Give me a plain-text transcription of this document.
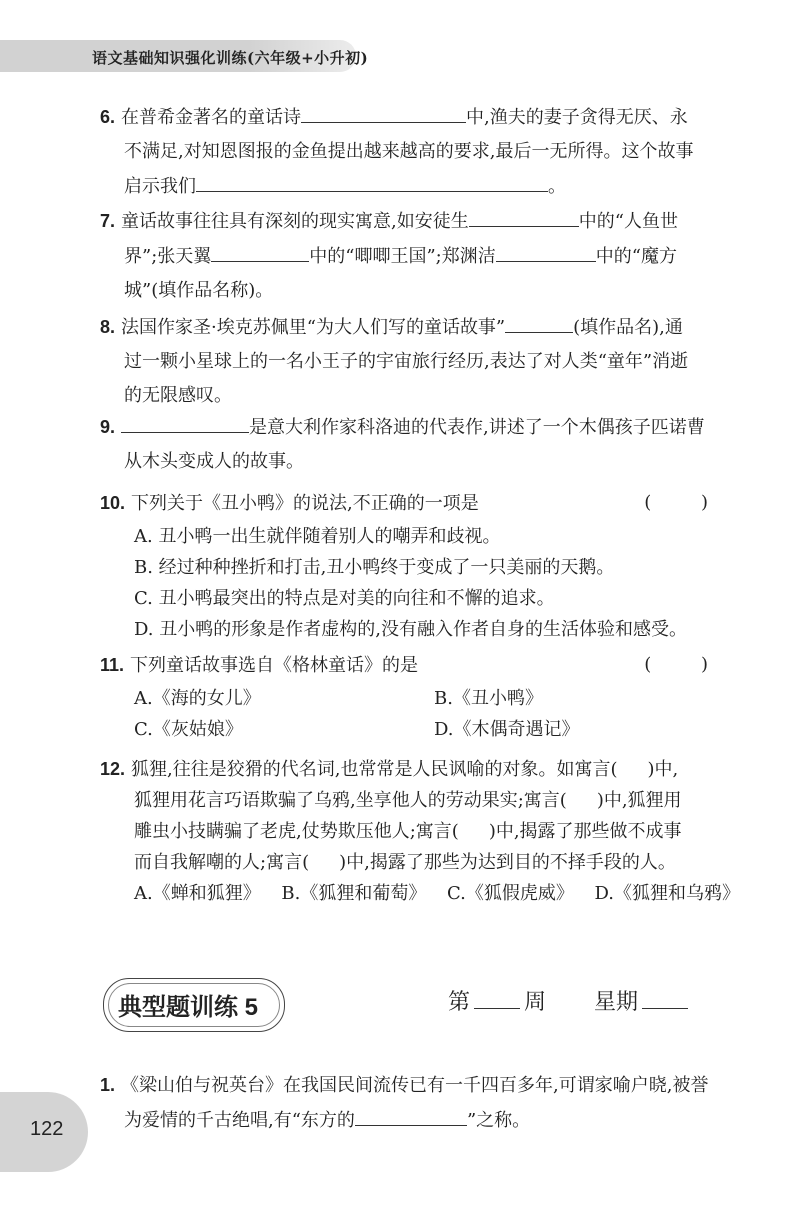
语文基础知识强化训练(六年级+小升初)
6. 在普希金著名的童话诗	中,渔夫的妻子贪得无厌、永
不满足,对知恩图报的金鱼提出越来越高的要求,最后一无所得。这个故事
启示我们	。
7. 童话故事往往具有深刻的现实寓意,如安徒生	中的“人鱼世
界”;张天翼	中的“唧唧王国”;郑渊洁	中的“魔方
城”(填作品名称)。
8. 法国作家圣·埃克苏佩里“为大人们写的童话故事”	(填作品名),通
过一颗小星球上的一名小王子的宇宙旅行经历,表达了对人类“童年”消逝
的无限感叹。
9.	是意大利作家科洛迪的代表作,讲述了一个木偶孩子匹诺曹
从木头变成人的故事。
10. 下列关于《丑小鸭》的说法,不正确的一项是	( )
A. 丑小鸭一出生就伴随着别人的嘲弄和歧视。
B. 经过种种挫折和打击,丑小鸭终于变成了一只美丽的天鹅。
C. 丑小鸭最突出的特点是对美的向往和不懈的追求。
D. 丑小鸭的形象是作者虚构的,没有融入作者自身的生活体验和感受。
11. 下列童话故事选自《格林童话》的是	( )
A.《海的女儿》	B.《丑小鸭》
C.《灰姑娘》	D.《木偶奇遇记》
12. 狐狸,往往是狡猾的代名词,也常常是人民讽喻的对象。如寓言( )中,
狐狸用花言巧语欺骗了乌鸦,坐享他人的劳动果实;寓言( )中,狐狸用
雕虫小技瞒骗了老虎,仗势欺压他人;寓言( )中,揭露了那些做不成事
而自我解嘲的人;寓言( )中,揭露了那些为达到目的不择手段的人。
A.《蝉和狐狸》 B.《狐狸和葡萄》 C.《狐假虎威》 D.《狐狸和乌鸦》
典型题训练 5	第 周 星期
1. 《梁山伯与祝英台》在我国民间流传已有一千四百多年,可谓家喻户晓,被誉
为爱情的千古绝唱,有“东方的	”之称。
122
